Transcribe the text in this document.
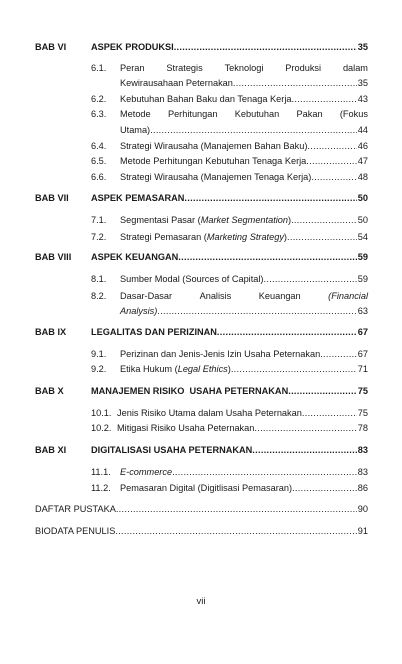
BAB VI	ASPEK PRODUKSI .....	35
6.1. Peran Strategis Teknologi Produksi dalam
Kewirausahaan Peternakan .....	35
6.2. Kebutuhan Bahan Baku dan Tenaga Kerja .....	43
6.3. Metode Perhitungan Kebutuhan Pakan (Fokus
Utama) .....	44
6.4. Strategi Wirausaha (Manajemen Bahan Baku) .....	46
6.5. Metode Perhitungan Kebutuhan Tenaga Kerja .....	47
6.6. Strategi Wirausaha (Manajemen Tenaga Kerja) .....	48
BAB VII ASPEK PEMASARAN .....	50
7.1. Segmentasi Pasar (Market Segmentation) .....	50
7.2. Strategi Pemasaran (Marketing Strategy) .....	54
BAB VIII ASPEK KEUANGAN .....	59
8.1. Sumber Modal (Sources of Capital) .....	59
8.2. Dasar-Dasar	Analisis	Keuangan	(Financial
Analysis) .....	63
BAB IX	LEGALITAS DAN PERIZINAN .....	67
9.1. Perizinan dan Jenis-Jenis Izin Usaha Peternakan .....	67
9.2. Etika Hukum (Legal Ethics) .....	71
BAB X	MANAJEMEN RISIKO  USAHA PETERNAKAN .....	75
10.1. Jenis Risiko Utama dalam Usaha Peternakan .....	75
10.2. Mitigasi Risiko Usaha Peternakan .....	78
BAB XI	DIGITALISASI USAHA PETERNAKAN .....	83
11.1. E-commerce .....	83
11.2. Pemasaran Digital (Digitlisasi Pemasaran) .....	86
DAFTAR PUSTAKA .....	90
BIODATA PENULIS .....	91
vii
